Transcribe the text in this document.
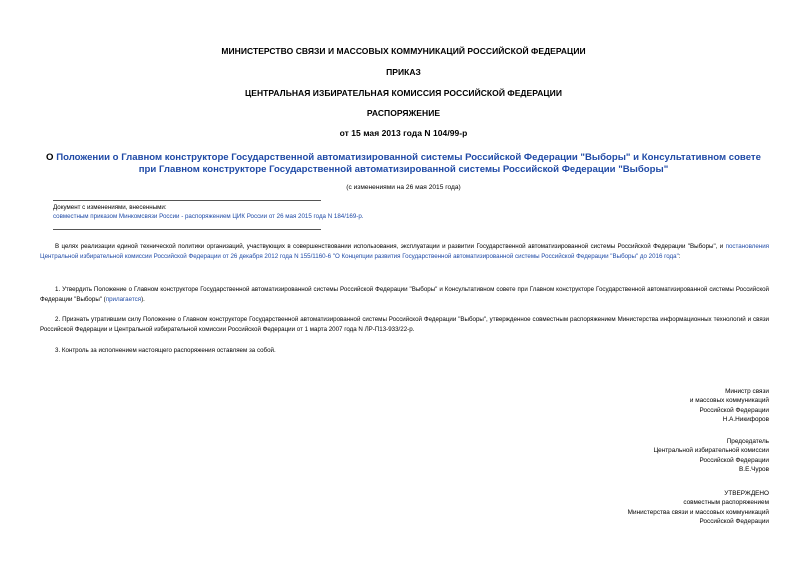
МИНИСТЕРСТВО СВЯЗИ И МАССОВЫХ КОММУНИКАЦИЙ РОССИЙСКОЙ ФЕДЕРАЦИИ
ПРИКАЗ
ЦЕНТРАЛЬНАЯ ИЗБИРАТЕЛЬНАЯ КОМИССИЯ РОССИЙСКОЙ ФЕДЕРАЦИИ
РАСПОРЯЖЕНИЕ
от 15 мая 2013 года N 104/99-р
О Положении о Главном конструкторе Государственной автоматизированной системы Российской Федерации "Выборы" и Консультативном совете при Главном конструкторе Государственной автоматизированной системы Российской Федерации "Выборы"
(с изменениями на 26 мая 2015 года)
Документ с изменениями, внесенными:
совместным приказом Минкомсвязи России - распоряжением ЦИК России от 26 мая 2015 года N 184/169-р.
В целях реализации единой технической политики организаций, участвующих в совершенствовании использования, эксплуатации и развитии Государственной автоматизированной системы Российской Федерации "Выборы", и постановления Центральной избирательной комиссии Российской Федерации от 26 декабря 2012 года N 155/1160-6 "О Концепции развития Государственной автоматизированной системы Российской Федерации "Выборы" до 2016 года":
1. Утвердить Положение о Главном конструкторе Государственной автоматизированной системы Российской Федерации "Выборы" и Консультативном совете при Главном конструкторе Государственной автоматизированной системы Российской Федерации "Выборы" (прилагается).
2. Признать утратившим силу Положение о Главном конструкторе Государственной автоматизированной системы Российской Федерации "Выборы", утвержденное совместным распоряжением Министерства информационных технологий и связи Российской Федерации и Центральной избирательной комиссии Российской Федерации от 1 марта 2007 года N ЛР-П13-933/22-р.
3. Контроль за исполнением настоящего распоряжения оставляем за собой.
Министр связи
и массовых коммуникаций
Российской Федерации
Н.А.Никифоров
Председатель
Центральной избирательной комиссии
Российской Федерации
В.Е.Чуров
УТВЕРЖДЕНО
совместным распоряжением
Министерства связи и массовых коммуникаций
Российской Федерации
